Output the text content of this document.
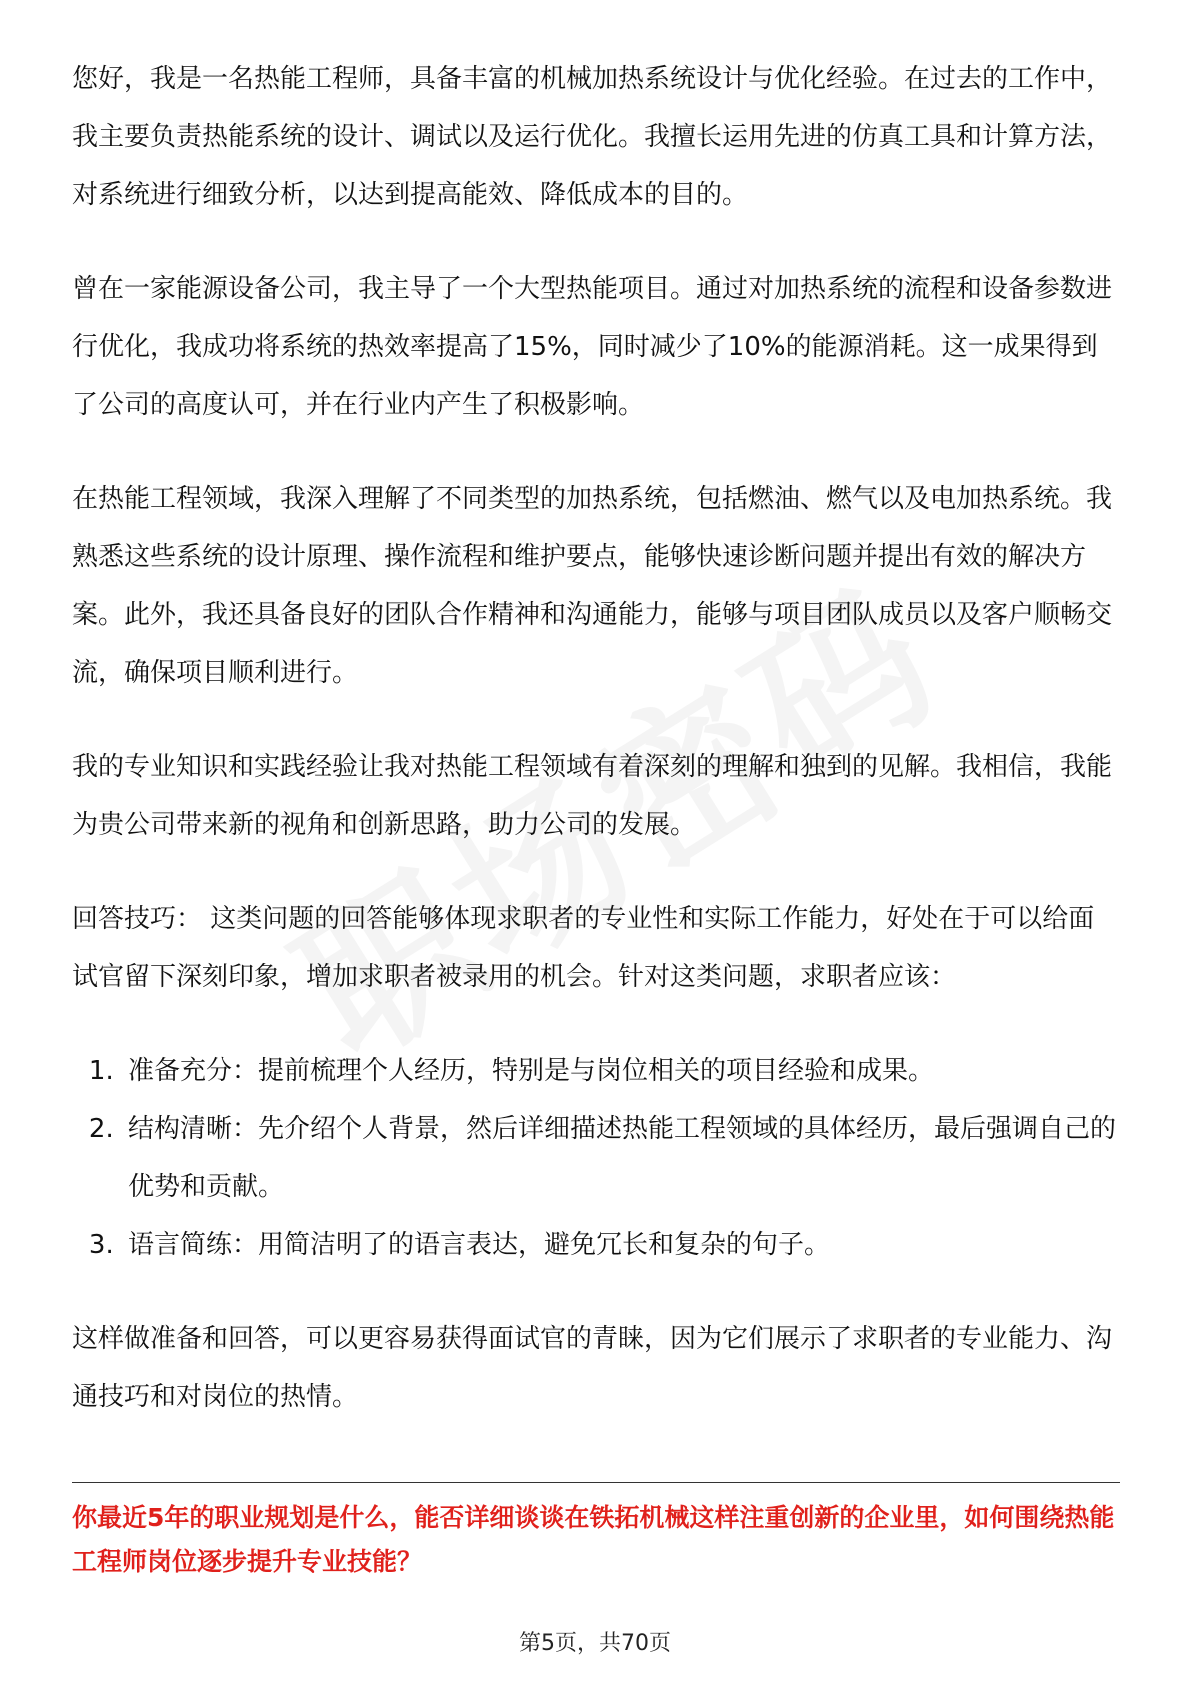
您好，我是一名热能工程师，具备丰富的机械加热系统设计与优化经验。在过去的工作中，我主要负责热能系统的设计、调试以及运行优化。我擅长运用先进的仿真工具和计算方法，对系统进行细致分析，以达到提高能效、降低成本的目的。

曾在一家能源设备公司，我主导了一个大型热能项目。通过对加热系统的流程和设备参数进行优化，我成功将系统的热效率提高了15%，同时减少了10%的能源消耗。这一成果得到了公司的高度认可，并在行业内产生了积极影响。

在热能工程领域，我深入理解了不同类型的加热系统，包括燃油、燃气以及电加热系统。我熟悉这些系统的设计原理、操作流程和维护要点，能够快速诊断问题并提出有效的解决方案。此外，我还具备良好的团队合作精神和沟通能力，能够与项目团队成员以及客户顺畅交流，确保项目顺利进行。

我的专业知识和实践经验让我对热能工程领域有着深刻的理解和独到的见解。我相信，我能为贵公司带来新的视角和创新思路，助力公司的发展。

回答技巧： 这类问题的回答能够体现求职者的专业性和实际工作能力，好处在于可以给面试官留下深刻印象，增加求职者被录用的机会。针对这类问题，求职者应该：

1. 准备充分：提前梳理个人经历，特别是与岗位相关的项目经验和成果。
2. 结构清晰：先介绍个人背景，然后详细描述热能工程领域的具体经历，最后强调自己的优势和贡献。
3. 语言简练：用简洁明了的语言表达，避免冗长和复杂的句子。

这样做准备和回答，可以更容易获得面试官的青睐，因为它们展示了求职者的专业能力、沟通技巧和对岗位的热情。

你最近5年的职业规划是什么，能否详细谈谈在铁拓机械这样注重创新的企业里，如何围绕热能工程师岗位逐步提升专业技能？

第5页，共70页
